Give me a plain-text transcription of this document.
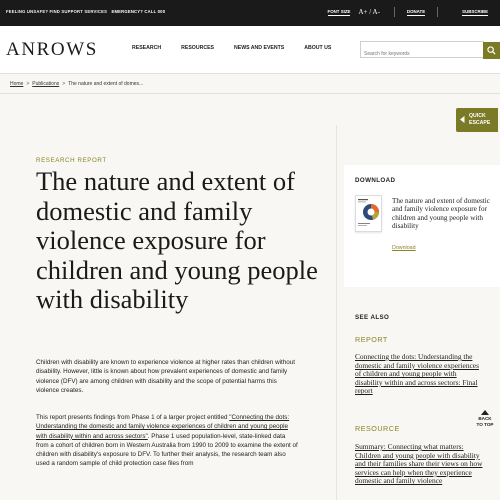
FEELING UNSAFE? FIND SUPPORT SERVICES EMERGENCY? CALL 000	FONT SIZE A+ / A-	DONATE	SUBSCRIBE
ANROWS	RESEARCH	RESOURCES	NEWS AND EVENTS	ABOUT US
Search for keywords
Home > Publications > The nature and extent of domes...
QUICK
ESCAPE
RESEARCH REPORT
The nature and extent of domestic and family violence exposure for children and young people with disability

Children with disability are known to experience violence at higher rates than children without disability. However, little is known about how prevalent experiences of domestic and family violence (DFV) are among children with disability and the scope of potential harms this violence creates.

This report presents findings from Phase 1 of a larger project entitled "Connecting the dots: Understanding the domestic and family violence experiences of children and young people with disability within and across sectors". Phase 1 used population-level, state-linked data from a cohort of children born in Western Australia from 1990 to 2009 to examine the extent of children with disability's exposure to DFV. To further their analysis, the research team also used a random sample of child protection case files from

DOWNLOAD
The nature and extent of domestic and family violence exposure for children and young people with disability
Download
SEE ALSO
REPORT
Connecting the dots: Understanding the domestic and family violence experiences of children and young people with disability within and across sectors: Final report
RESOURCE
Summary: Connecting what matters: Children and young people with disability and their families share their views on how services can help when they experience domestic and family violence
BACK
TO TOP
